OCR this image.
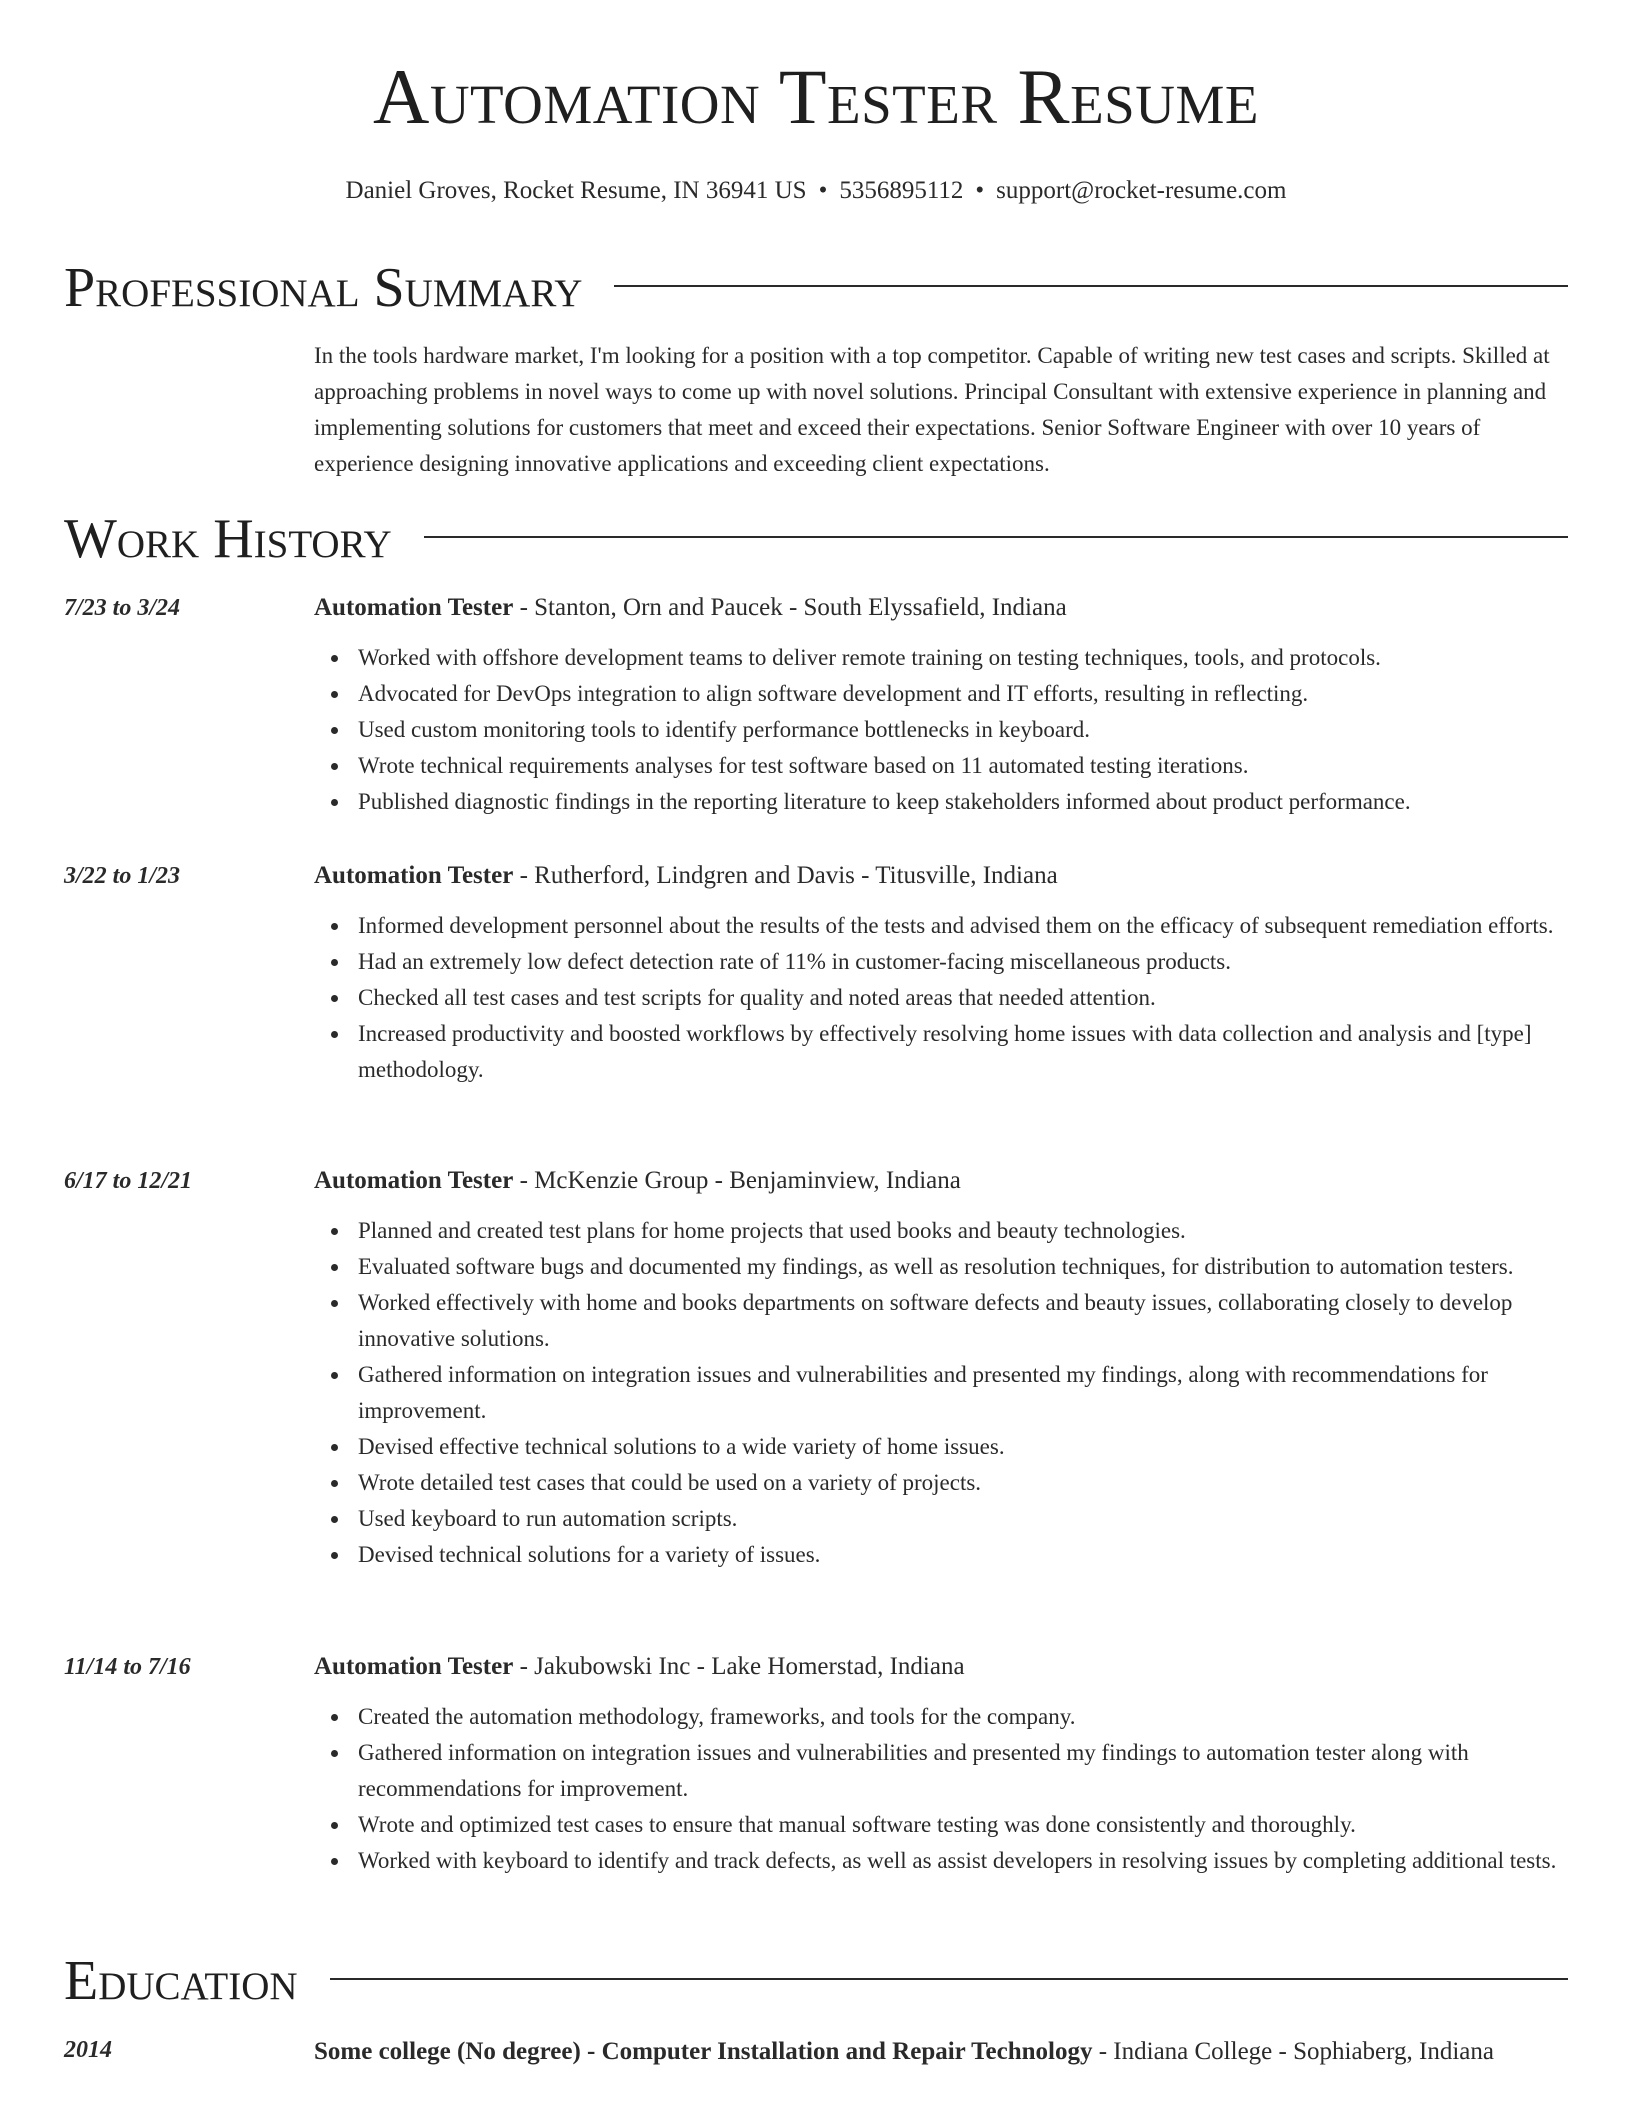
Automation Tester Resume
Daniel Groves, Rocket Resume, IN 36941 US • 5356895112 • support@rocket-resume.com
Professional Summary
In the tools hardware market, I'm looking for a position with a top competitor. Capable of writing new test cases and scripts. Skilled at approaching problems in novel ways to come up with novel solutions. Principal Consultant with extensive experience in planning and implementing solutions for customers that meet and exceed their expectations. Senior Software Engineer with over 10 years of experience designing innovative applications and exceeding client expectations.
Work History
7/23 to 3/24	Automation Tester - Stanton, Orn and Paucek - South Elyssafield, Indiana
Worked with offshore development teams to deliver remote training on testing techniques, tools, and protocols.
Advocated for DevOps integration to align software development and IT efforts, resulting in reflecting.
Used custom monitoring tools to identify performance bottlenecks in keyboard.
Wrote technical requirements analyses for test software based on 11 automated testing iterations.
Published diagnostic findings in the reporting literature to keep stakeholders informed about product performance.
3/22 to 1/23	Automation Tester - Rutherford, Lindgren and Davis - Titusville, Indiana
Informed development personnel about the results of the tests and advised them on the efficacy of subsequent remediation efforts.
Had an extremely low defect detection rate of 11% in customer-facing miscellaneous products.
Checked all test cases and test scripts for quality and noted areas that needed attention.
Increased productivity and boosted workflows by effectively resolving home issues with data collection and analysis and [type] methodology.
6/17 to 12/21	Automation Tester - McKenzie Group - Benjaminview, Indiana
Planned and created test plans for home projects that used books and beauty technologies.
Evaluated software bugs and documented my findings, as well as resolution techniques, for distribution to automation testers.
Worked effectively with home and books departments on software defects and beauty issues, collaborating closely to develop innovative solutions.
Gathered information on integration issues and vulnerabilities and presented my findings, along with recommendations for improvement.
Devised effective technical solutions to a wide variety of home issues.
Wrote detailed test cases that could be used on a variety of projects.
Used keyboard to run automation scripts.
Devised technical solutions for a variety of issues.
11/14 to 7/16	Automation Tester - Jakubowski Inc - Lake Homerstad, Indiana
Created the automation methodology, frameworks, and tools for the company.
Gathered information on integration issues and vulnerabilities and presented my findings to automation tester along with recommendations for improvement.
Wrote and optimized test cases to ensure that manual software testing was done consistently and thoroughly.
Worked with keyboard to identify and track defects, as well as assist developers in resolving issues by completing additional tests.
Education
2014	Some college (No degree) - Computer Installation and Repair Technology - Indiana College - Sophiaberg, Indiana
